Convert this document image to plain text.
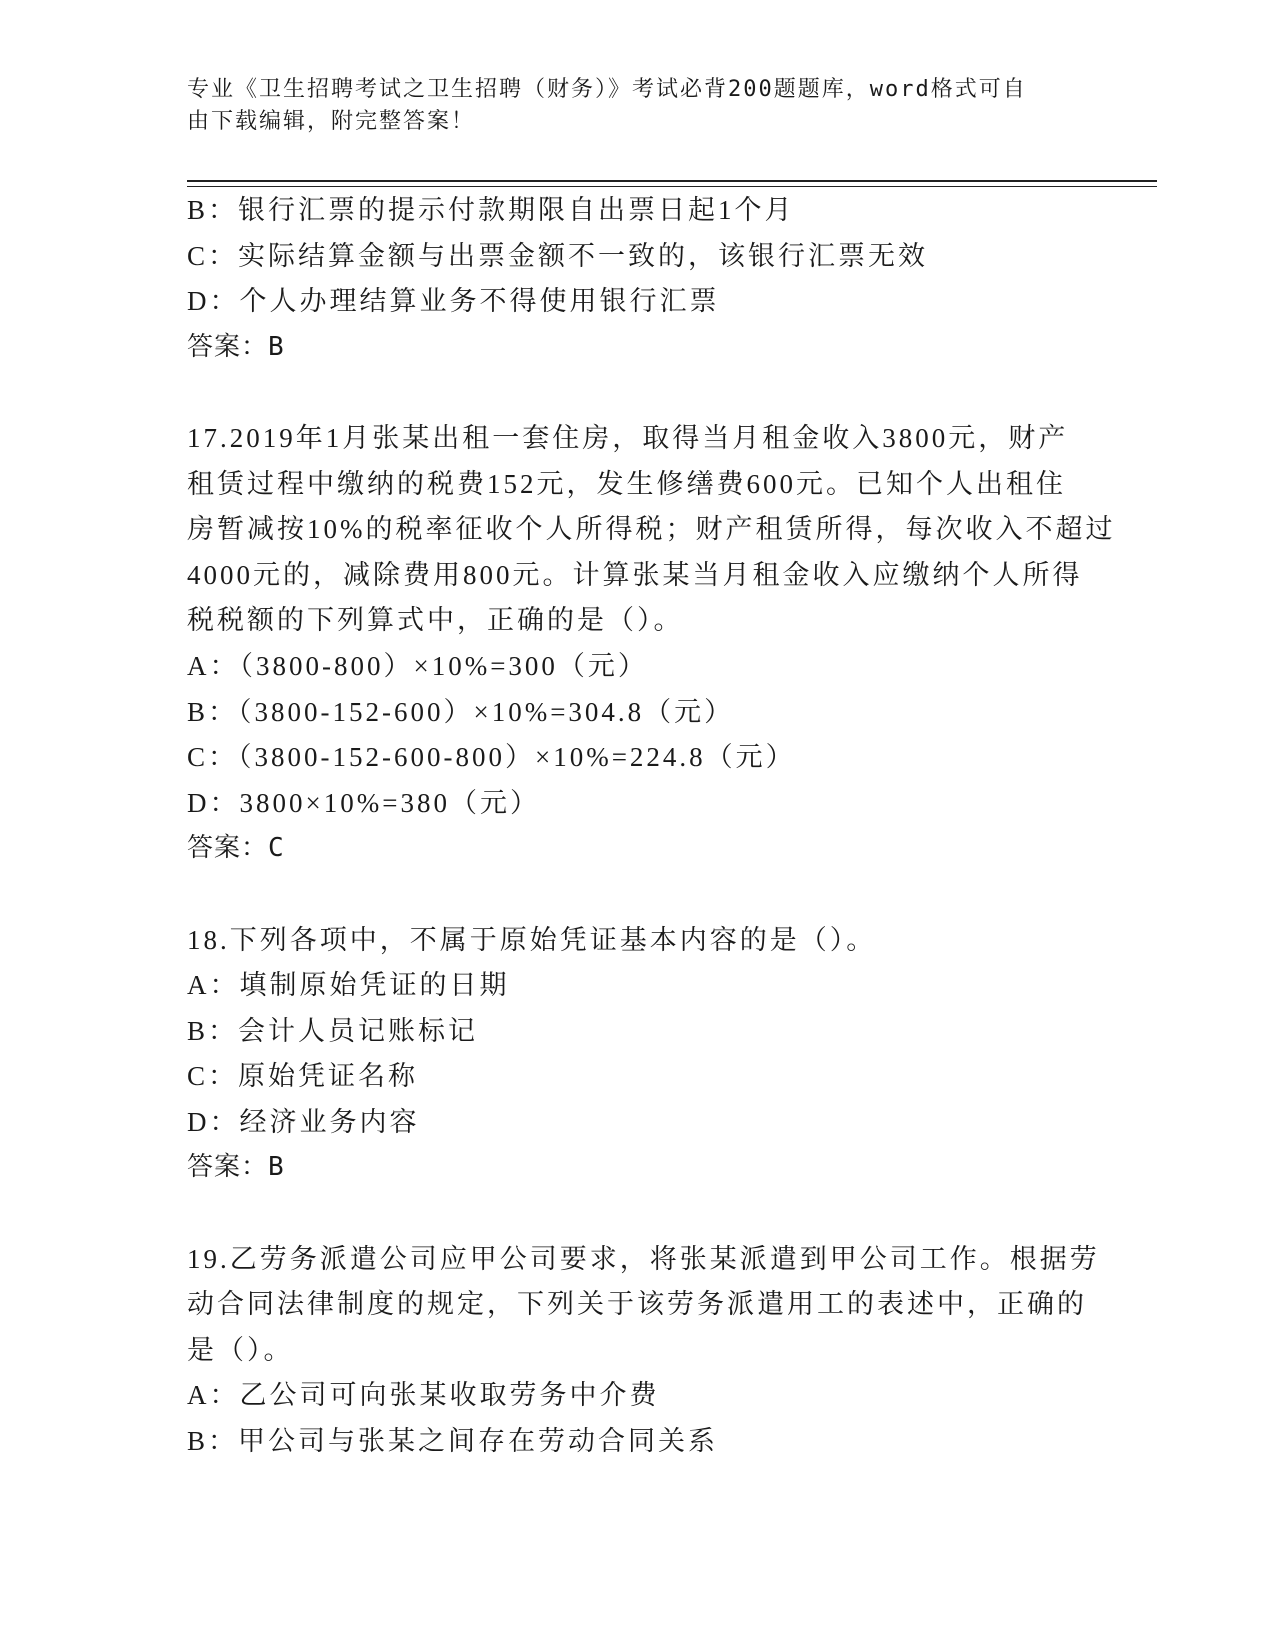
专业《卫生招聘考试之卫生招聘（财务）》考试必背200题题库，word格式可自
由下载编辑，附完整答案！
B：银行汇票的提示付款期限自出票日起1个月
C：实际结算金额与出票金额不一致的，该银行汇票无效
D：个人办理结算业务不得使用银行汇票
答案：B
17.2019年1月张某出租一套住房，取得当月租金收入3800元，财产
租赁过程中缴纳的税费152元，发生修缮费600元。已知个人出租住
房暂减按10%的税率征收个人所得税；财产租赁所得，每次收入不超过
4000元的，减除费用800元。计算张某当月租金收入应缴纳个人所得
税税额的下列算式中，正确的是（）。
A：（3800-800）×10%=300（元）
B：（3800-152-600）×10%=304.8（元）
C：（3800-152-600-800）×10%=224.8（元）
D：3800×10%=380（元）
答案：C
18.下列各项中，不属于原始凭证基本内容的是（）。
A：填制原始凭证的日期
B：会计人员记账标记
C：原始凭证名称
D：经济业务内容
答案：B
19.乙劳务派遣公司应甲公司要求，将张某派遣到甲公司工作。根据劳
动合同法律制度的规定，下列关于该劳务派遣用工的表述中，正确的
是（）。
A：乙公司可向张某收取劳务中介费
B：甲公司与张某之间存在劳动合同关系
